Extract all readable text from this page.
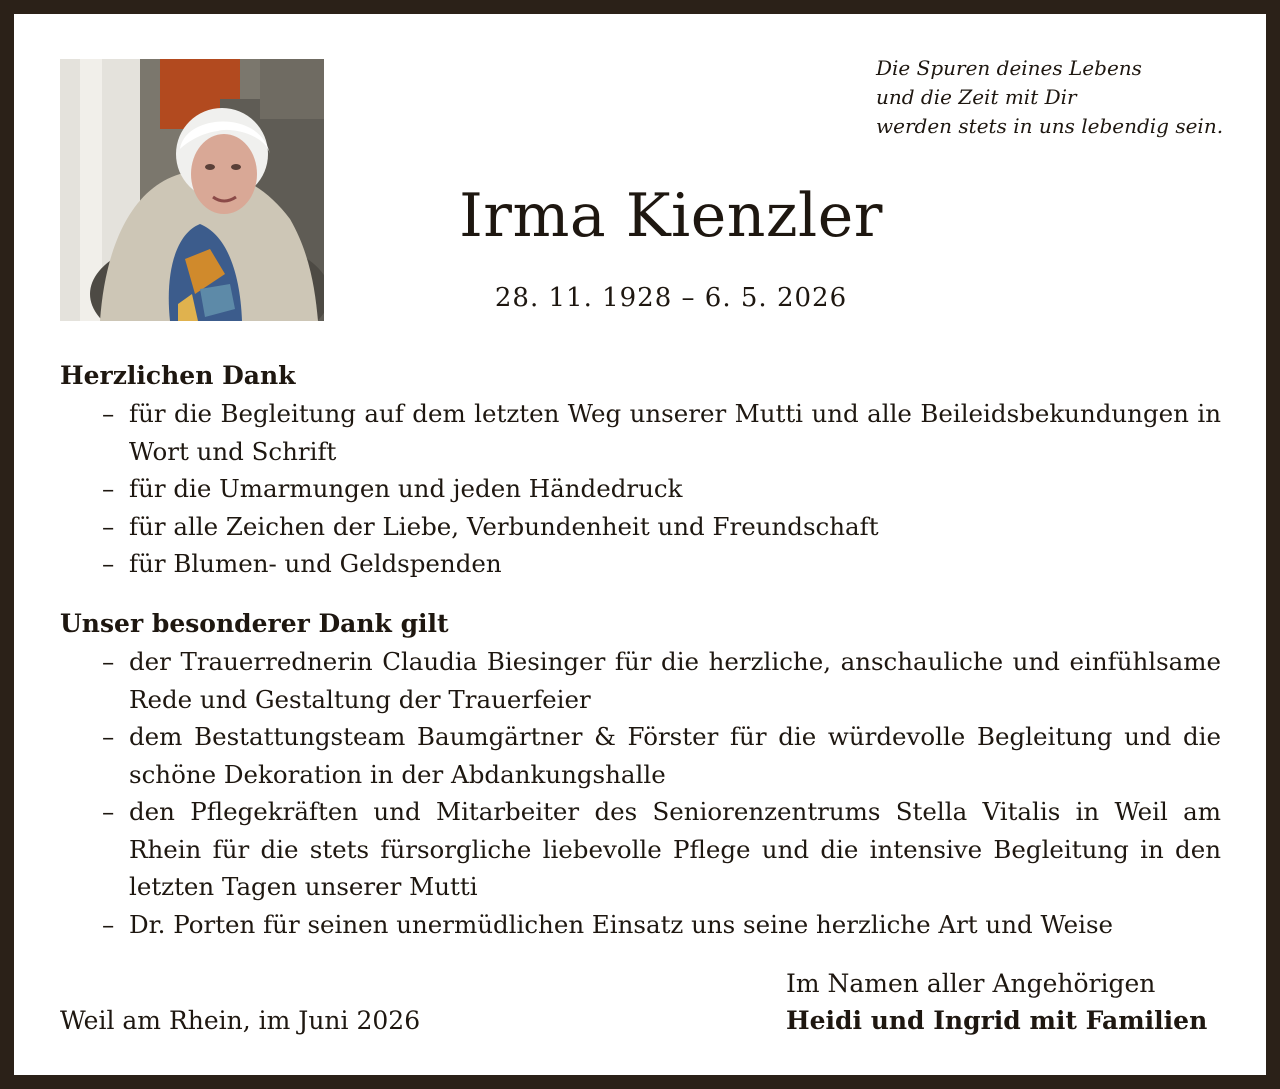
Die Spuren deines Lebens
und die Zeit mit Dir
werden stets in uns lebendig sein.
Irma Kienzler
28. 11. 1928 – 6. 5. 2026
Herzlichen Dank
– für die Begleitung auf dem letzten Weg unserer Mutti und alle Beileidsbekundungen in Wort und Schrift
– für die Umarmungen und jeden Händedruck
– für alle Zeichen der Liebe, Verbundenheit und Freundschaft
– für Blumen- und Geldspenden
Unser besonderer Dank gilt
– der Trauerrednerin Claudia Biesinger für die herzliche, anschauliche und einfühlsame Rede und Gestaltung der Trauerfeier
– dem Bestattungsteam Baumgärtner & Förster für die würdevolle Begleitung und die schöne Dekoration in der Abdankungshalle
– den Pflegekräften und Mitarbeiter des Seniorenzentrums Stella Vitalis in Weil am Rhein für die stets fürsorgliche liebevolle Pflege und die intensive Begleitung in den letzten Tagen unserer Mutti
– Dr. Porten für seinen unermüdlichen Einsatz uns seine herzliche Art und Weise
Weil am Rhein, im Juni 2026
Im Namen aller Angehörigen
Heidi und Ingrid mit Familien
